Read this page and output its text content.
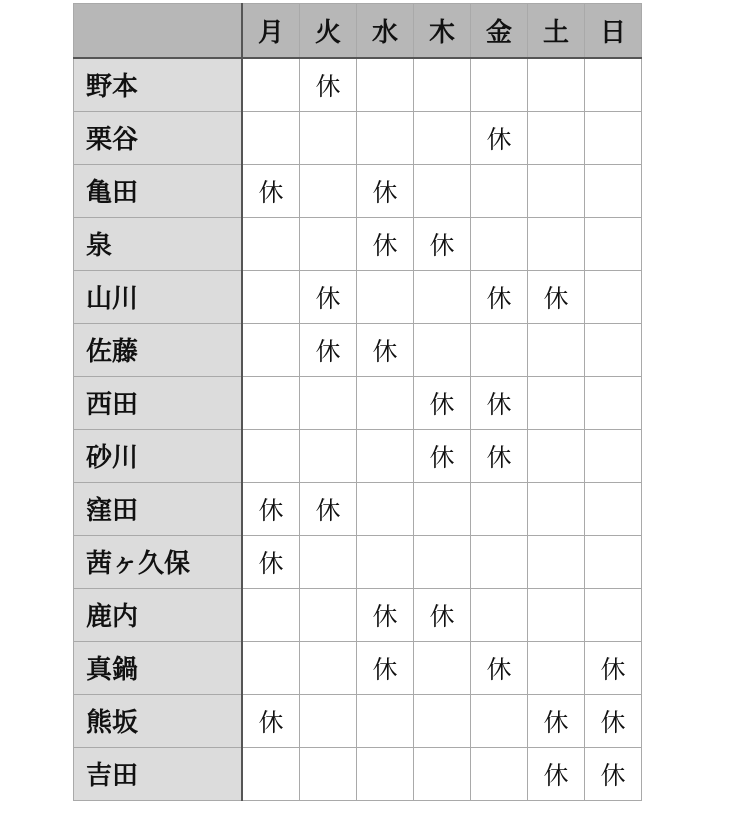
	月	火	水	木	金	土	日
野本		休					
栗谷					休		
亀田	休		休				
泉			休	休			
山川		休			休	休	
佐藤		休	休				
西田				休	休		
砂川				休	休		
窪田	休	休					
茜ヶ久保	休						
鹿内			休	休			
真鍋			休		休		休
熊坂	休					休	休
吉田						休	休
